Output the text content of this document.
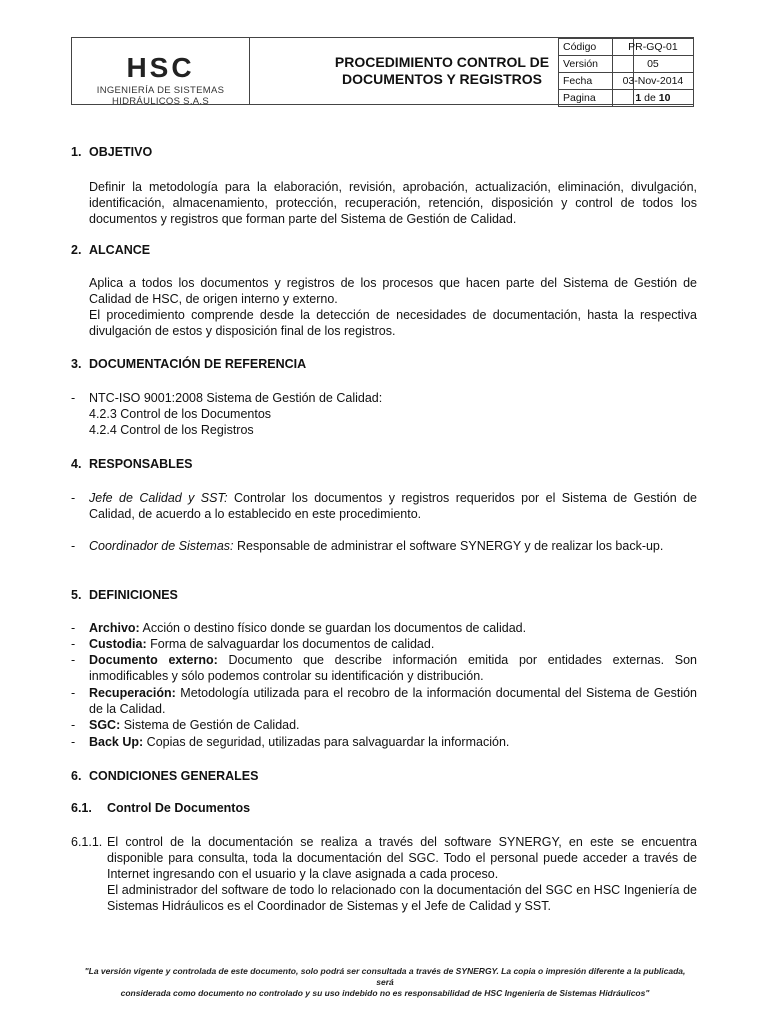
HSC
INGENIERÍA DE SISTEMAS
HIDRÁULICOS S.A.S
PROCEDIMIENTO CONTROL DE
DOCUMENTOS Y REGISTROS
Código	PR-GQ-01
Versión	05
Fecha	03-Nov-2014
Pagina	1 de 10
1. OBJETIVO
Definir la metodología para la elaboración, revisión, aprobación, actualización, eliminación, divulgación, identificación, almacenamiento, protección, recuperación, retención, disposición y control de todos los documentos y registros que forman parte del Sistema de Gestión de Calidad.
2. ALCANCE
Aplica a todos los documentos y registros de los procesos que hacen parte del Sistema de Gestión de Calidad de HSC, de origen interno y externo.
El procedimiento comprende desde la detección de necesidades de documentación, hasta la respectiva divulgación de estos y disposición final de los registros.
3. DOCUMENTACIÓN DE REFERENCIA
- NTC-ISO 9001:2008 Sistema de Gestión de Calidad:
4.2.3 Control de los Documentos
4.2.4 Control de los Registros
4. RESPONSABLES
- Jefe de Calidad y SST: Controlar los documentos y registros requeridos por el Sistema de Gestión de Calidad, de acuerdo a lo establecido en este procedimiento.
- Coordinador de Sistemas: Responsable de administrar el software SYNERGY y de realizar los back-up.
5. DEFINICIONES
- Archivo: Acción o destino físico donde se guardan los documentos de calidad.
- Custodia: Forma de salvaguardar los documentos de calidad.
- Documento externo: Documento que describe información emitida por entidades externas. Son inmodificables y sólo podemos controlar su identificación y distribución.
- Recuperación: Metodología utilizada para el recobro de la información documental del Sistema de Gestión de la Calidad.
- SGC: Sistema de Gestión de Calidad.
- Back Up: Copias de seguridad, utilizadas para salvaguardar la información.
6. CONDICIONES GENERALES
6.1. Control De Documentos
6.1.1. El control de la documentación se realiza a través del software SYNERGY, en este se encuentra disponible para consulta, toda la documentación del SGC. Todo el personal puede acceder a través de Internet ingresando con el usuario y la clave asignada a cada proceso.
El administrador del software de todo lo relacionado con la documentación del SGC en HSC Ingeniería de Sistemas Hidráulicos es el Coordinador de Sistemas y el Jefe de Calidad y SST.
"La versión vigente y controlada de este documento, solo podrá ser consultada a través de SYNERGY. La copia o impresión diferente a la publicada, será
considerada como documento no controlado y su uso indebido no es responsabilidad de HSC Ingeniería de Sistemas Hidráulicos"
